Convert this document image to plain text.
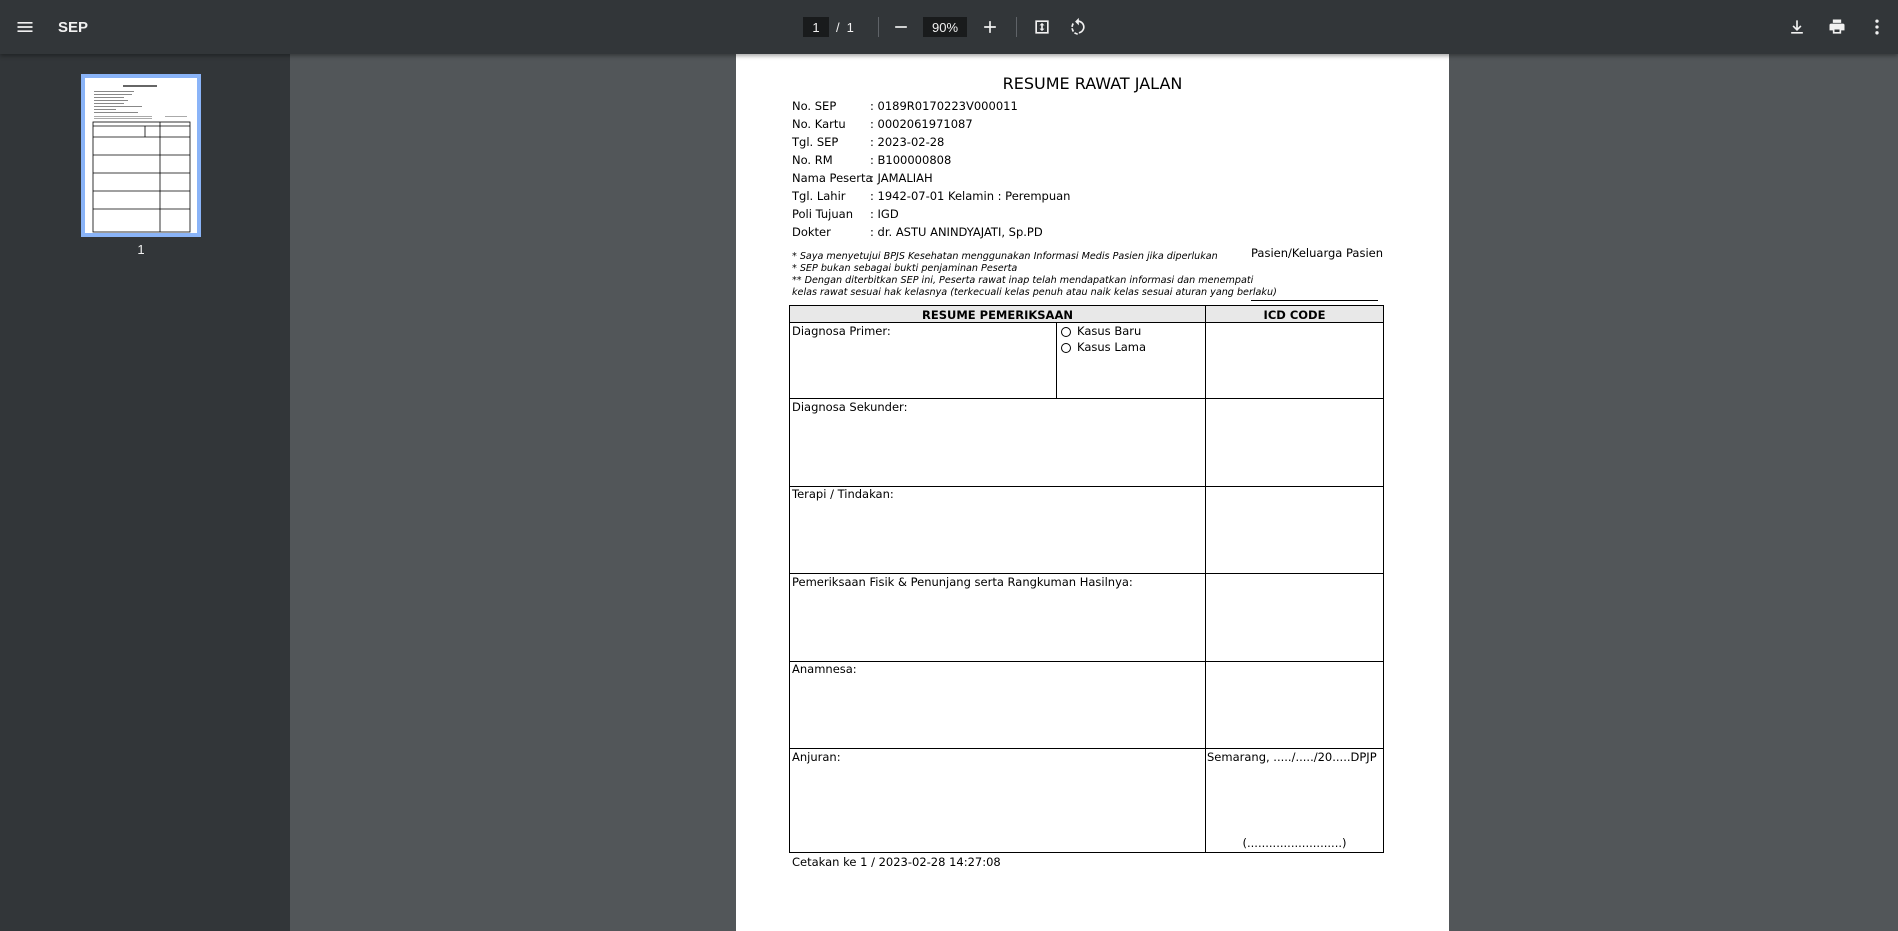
SEP
1	/ 1
90%
1
RESUME RAWAT JALAN
No. SEP	: 0189R0170223V000011
No. Kartu : 0002061971087
Tgl. SEP	: 2023-02-28
No. RM	: B100000808
Nama Peserta: JAMALIAH
Tgl. Lahir : 1942-07-01 Kelamin : Perempuan
Poli Tujuan : IGD
Dokter	: dr. ASTU ANINDYAJATI, Sp.PD
* Saya menyetujui BPJS Kesehatan menggunakan Informasi Medis Pasien jika diperlukan
* SEP bukan sebagai bukti penjaminan Peserta
** Dengan diterbitkan SEP ini, Peserta rawat inap telah mendapatkan informasi dan menempati
kelas rawat sesuai hak kelasnya (terkecuali kelas penuh atau naik kelas sesuai aturan yang berlaku)
Pasien/Keluarga Pasien
RESUME PEMERIKSAAN	ICD CODE
Diagnosa Primer:	Kasus Baru
Kasus Lama
Diagnosa Sekunder:
Terapi / Tindakan:
Pemeriksaan Fisik & Penunjang serta Rangkuman Hasilnya:
Anamnesa:
Anjuran:	Semarang, ...../...../20.....DPJP
(..........................)
Cetakan ke 1 / 2023-02-28 14:27:08
